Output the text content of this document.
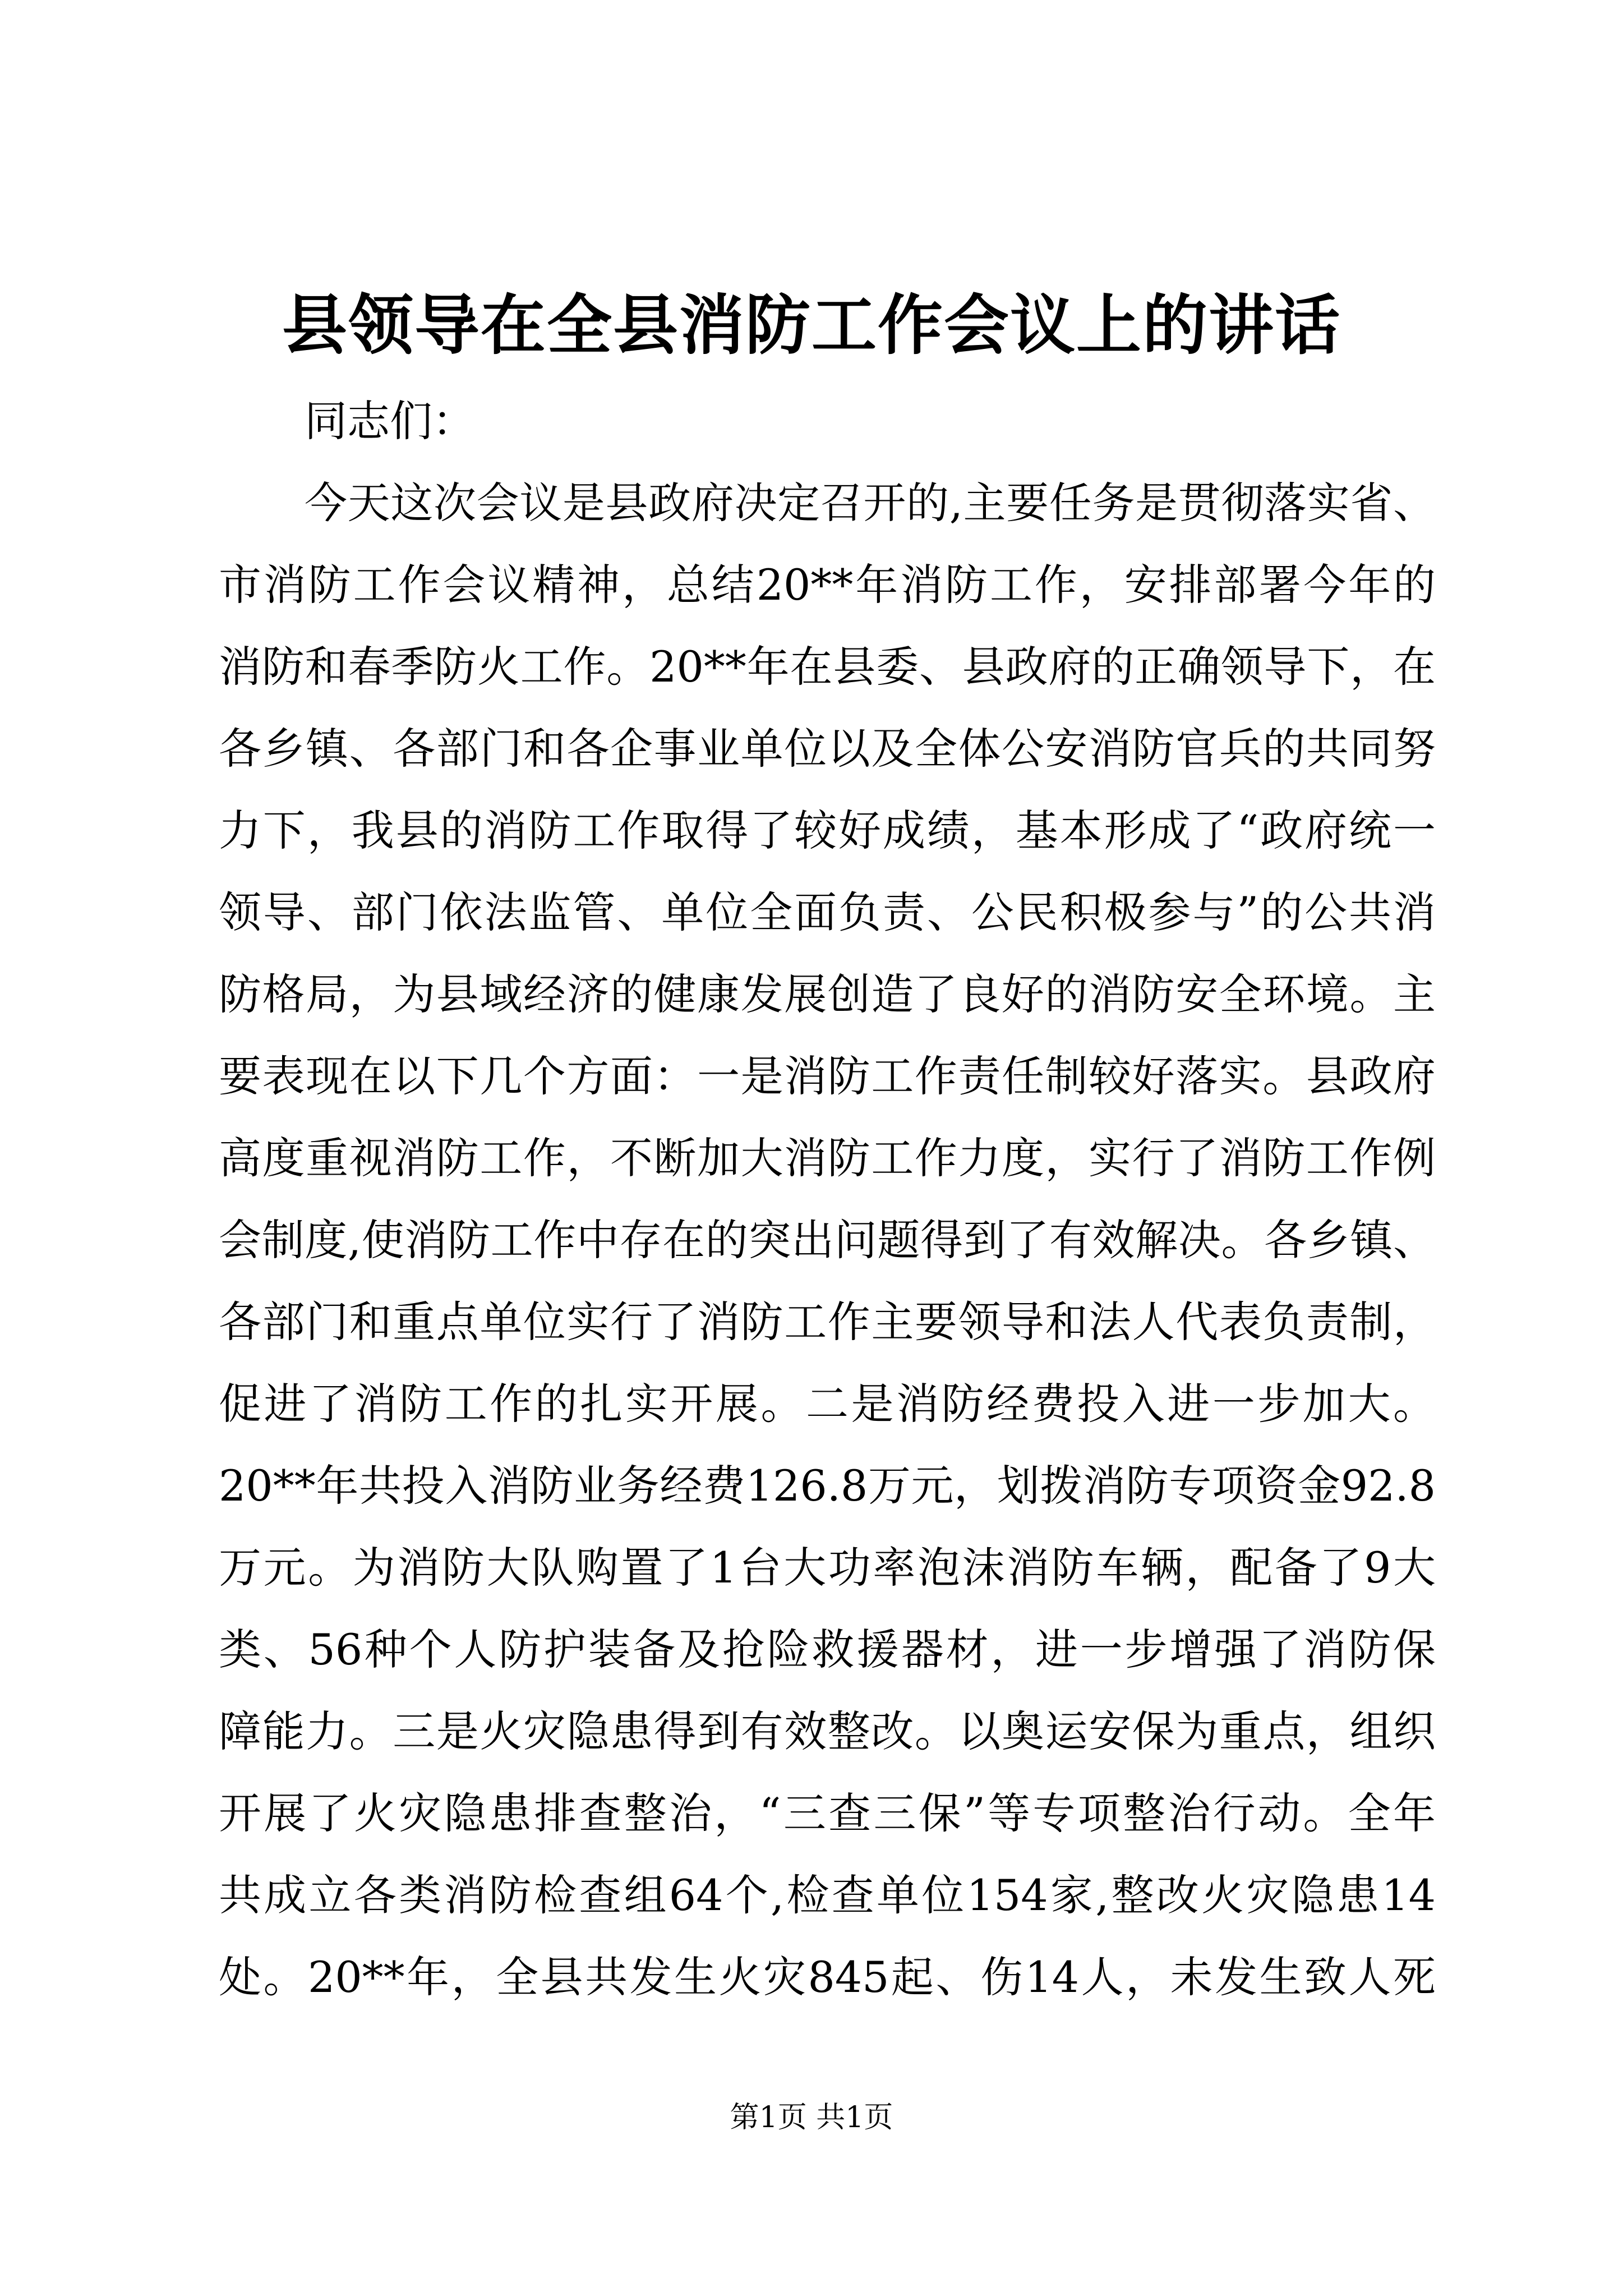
县领导在全县消防工作会议上的讲话
同志们：
今天这次会议是县政府决定召开的,主要任务是贯彻落实省、
市消防工作会议精神，总结20**年消防工作，安排部署今年的
消防和春季防火工作。20**年在县委、县政府的正确领导下，在
各乡镇、各部门和各企事业单位以及全体公安消防官兵的共同努
力下，我县的消防工作取得了较好成绩，基本形成了“政府统一
领导、部门依法监管、单位全面负责、公民积极参与”的公共消
防格局，为县域经济的健康发展创造了良好的消防安全环境。主
要表现在以下几个方面：一是消防工作责任制较好落实。县政府
高度重视消防工作，不断加大消防工作力度，实行了消防工作例
会制度,使消防工作中存在的突出问题得到了有效解决。各乡镇、
各部门和重点单位实行了消防工作主要领导和法人代表负责制，
促进了消防工作的扎实开展。二是消防经费投入进一步加大。
20**年共投入消防业务经费126.8万元，划拨消防专项资金92.8
万元。为消防大队购置了1台大功率泡沫消防车辆，配备了9大
类、56种个人防护装备及抢险救援器材，进一步增强了消防保
障能力。三是火灾隐患得到有效整改。以奥运安保为重点，组织
开展了火灾隐患排查整治，“三查三保”等专项整治行动。全年
共成立各类消防检查组64个,检查单位154家,整改火灾隐患14
处。20**年，全县共发生火灾845起、伤14人，未发生致人死
第1页 共1页
